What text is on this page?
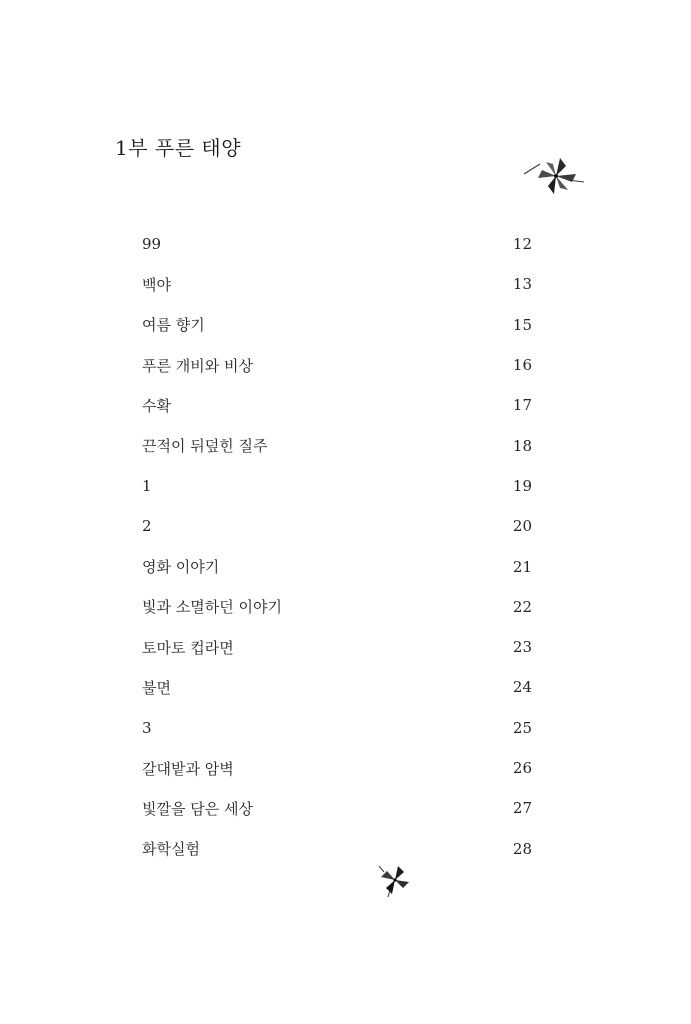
1부 푸른 태양
99	12
백야	13
여름 향기	15
푸른 개비와 비상	16
수확	17
끈적이 뒤덮힌 질주	18
1	19
2	20
영화 이야기	21
빛과 소멸하던 이야기	22
토마토 컵라면	23
불면	24
3	25
갈대밭과 암벽	26
빛깔을 담은 세상	27
화학실험	28
